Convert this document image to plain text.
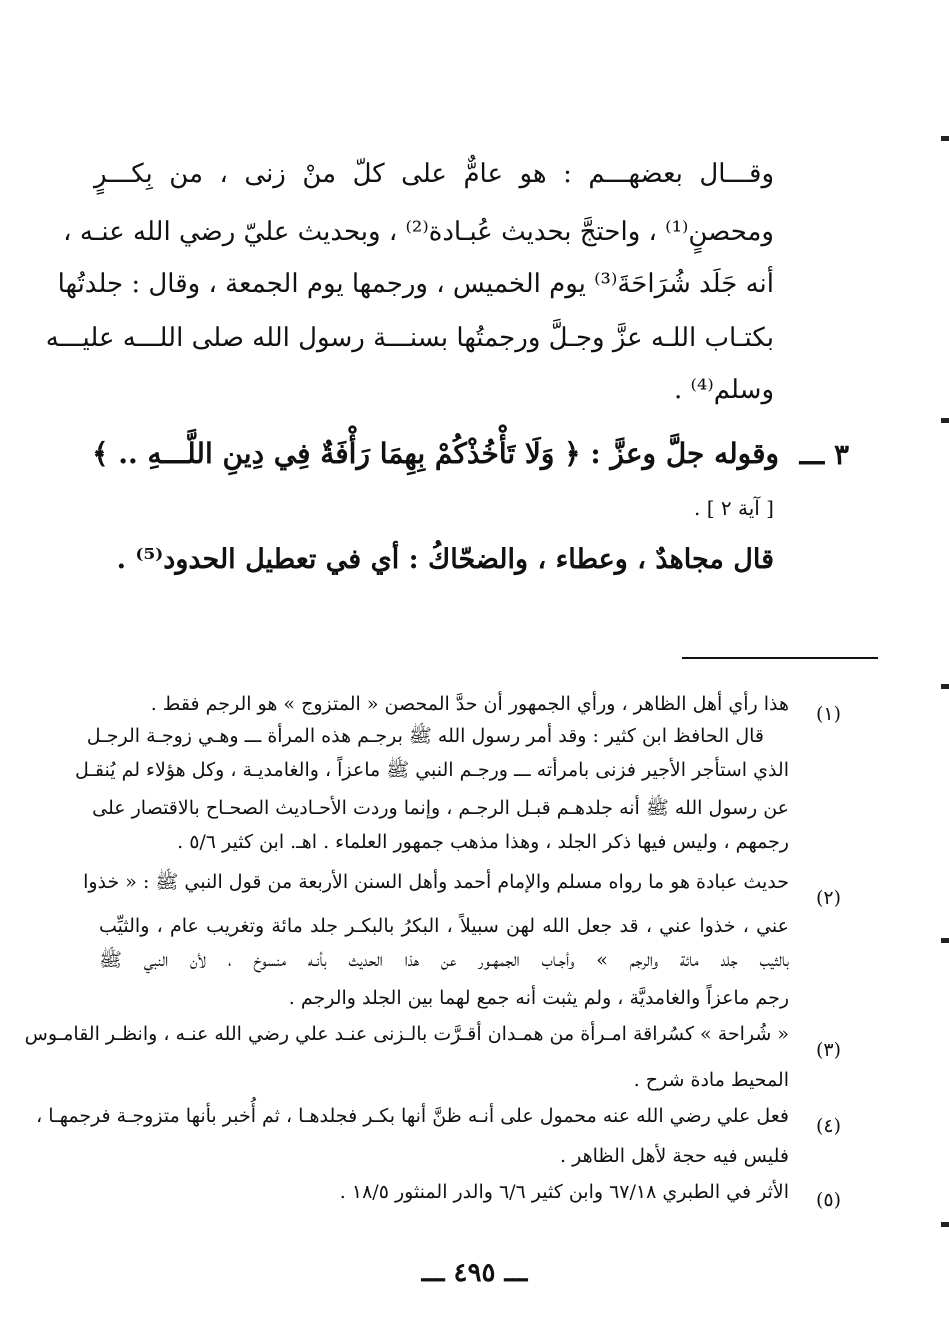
وقـــال بعضهـــم : هو عامٌّ على كلّ منْ زنى ، من بِكـــرٍ
ومحصنٍ⁽¹⁾ ، واحتجَّ بحديث عُبـادة⁽²⁾ ، وبحديث عليّ رضي الله عنـه ،
أنه جَلَد شُرَاحَةَ⁽³⁾ يوم الخميس ، ورجمها يوم الجمعة ، وقال : جلدتُها
بكتـاب اللـه عزَّ وجـلَّ ورجمتُها بسنـــة رسول الله صلى اللـــه عليـــه
وسلم⁽⁴⁾ .
٣ ـــ
وقوله جلَّ وعزَّ : ﴿ وَلَا تَأْخُذْكُمْ بِهِمَا رَأْفَةٌ فِي دِينِ اللَّـــهِ .. ﴾
[ آية ٢ ] .
قال مجاهدٌ ، وعطاء ، والضحّاكُ : أي في تعطيل الحدود⁽⁵⁾ .
(١)
هذا رأي أهل الظاهر ، ورأي الجمهور أن حدَّ المحصن « المتزوج » هو الرجم فقط .
قال الحافظ ابن كثير : وقد أمر رسول الله ﷺ برجـم هذه المرأة ـــ وهـي زوجـة الرجـل
الذي استأجر الأجير فزنى بامرأته ـــ ورجـم النبي ﷺ ماعزاً ، والغامديـة ، وكل هؤلاء لم يُنقـل
عن رسول الله ﷺ أنه جلدهـم قبـل الرجـم ، وإنما وردت الأحـاديث الصحـاح بالاقتصار على
رجمهم ، وليس فيها ذكر الجلد ، وهذا مذهب جمهور العلماء . اهـ. ابن كثير ٥/٦ .
(٢)
حديث عبادة هو ما رواه مسلم والإمام أحمد وأهل السنن الأربعة من قول النبي ﷺ : « خذوا
عني ، خذوا عني ، قد جعل الله لهن سبيلاً ، البكرُ بالبكـر جلد مائة وتغريب عام ، والثيِّب
بالثيب جلد مائة والرجم » وأجـاب الجمهـور عن هذا الحديث بأنـه منسوخ ، لأن النبي ﷺ
رجم ماعزاً والغامديَّة ، ولم يثبت أنه جمع لهما بين الجلد والرجم .
(٣)
« شُراحة » كسُراقة امـرأة من همـدان أقـرَّت بالـزنى عنـد علي رضي الله عنـه ، وانظـر القامـوس
المحيط مادة شرح .
(٤)
فعل علي رضي الله عنه محمول على أنـه ظنَّ أنها بكـر فجلدهـا ، ثم أُخبر بأنها متزوجـة فرجمهـا ،
فليس فيه حجة لأهل الظاهر .
(٥)
الأثر في الطبري ٦٧/١٨ وابن كثير ٦/٦ والدر المنثور ١٨/٥ .
ـــ ٤٩٥ ـــ
